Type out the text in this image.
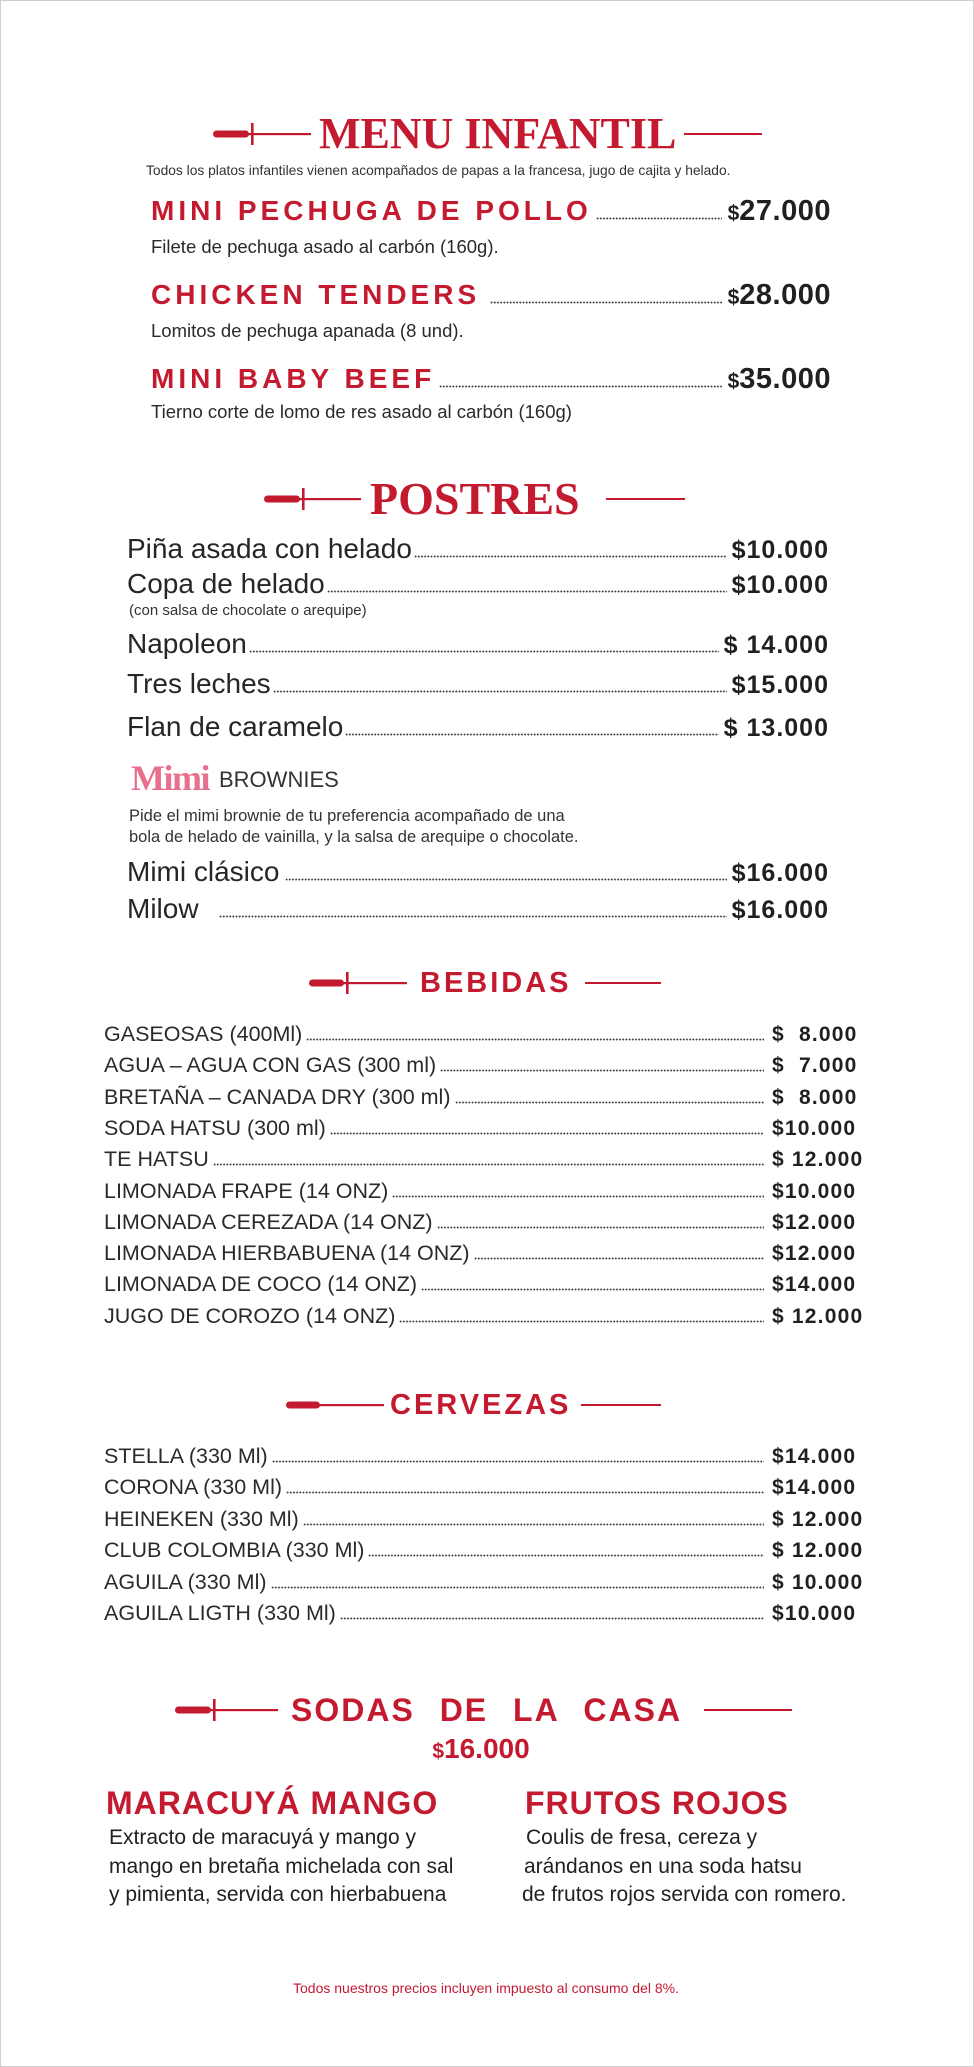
MENU INFANTIL
Todos los platos infantiles vienen acompañados de papas a la francesa, jugo de cajita y helado.
MINI PECHUGA DE POLLO	$27.000
Filete de pechuga asado al carbón (160g).
CHICKEN TENDERS	$28.000
Lomitos de pechuga apanada (8 und).
MINI BABY BEEF	$35.000
Tierno corte de lomo de res asado al carbón (160g)
POSTRES
Piña asada con helado	$10.000
Copa de helado	$10.000
(con salsa de chocolate o arequipe)
Napoleon	$ 14.000
Tres leches	$15.000
Flan de caramelo	$ 13.000
Mimi BROWNIES
Pide el mimi brownie de tu preferencia acompañado de una
bola de helado de vainilla, y la salsa de arequipe o chocolate.
Mimi clásico	$16.000
Milow	$16.000
BEBIDAS
GASEOSAS (400Ml)	$  8.000
AGUA – AGUA CON GAS (300 ml)	$  7.000
BRETAÑA – CANADA DRY (300 ml)	$  8.000
SODA HATSU (300 ml)	$10.000
TE HATSU	$ 12.000
LIMONADA FRAPE (14 ONZ)	$10.000
LIMONADA CEREZADA (14 ONZ)	$12.000
LIMONADA HIERBABUENA (14 ONZ)	$12.000
LIMONADA DE COCO (14 ONZ)	$14.000
JUGO DE COROZO (14 ONZ)	$ 12.000
CERVEZAS
STELLA (330 Ml)	$14.000
CORONA (330 Ml)	$14.000
HEINEKEN (330 Ml)	$ 12.000
CLUB COLOMBIA (330 Ml)	$ 12.000
AGUILA (330 Ml)	$ 10.000
AGUILA LIGTH (330 Ml)	$10.000
SODAS DE LA CASA
$16.000
MARACUYÁ MANGO
Extracto de maracuyá y mango y
mango en bretaña michelada con sal
y pimienta, servida con hierbabuena
FRUTOS ROJOS
Coulis de fresa, cereza y
arándanos en una soda hatsu
de frutos rojos servida con romero.
Todos nuestros precios incluyen impuesto al consumo del 8%.
